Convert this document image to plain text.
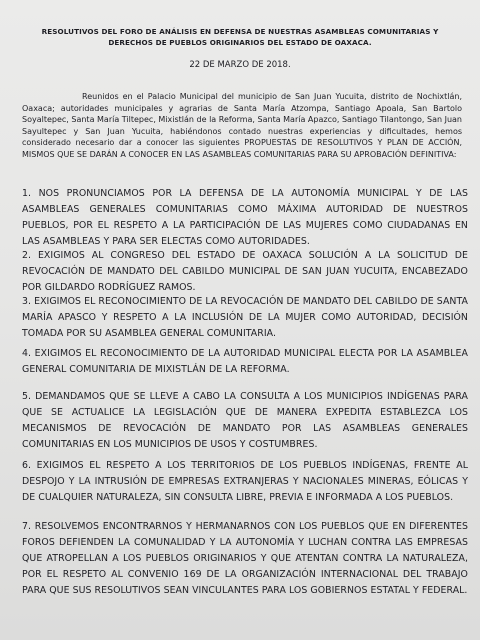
RESOLUTIVOS DEL FORO DE ANÁLISIS EN DEFENSA DE NUESTRAS ASAMBLEAS COMUNITARIAS Y DERECHOS DE PUEBLOS ORIGINARIOS DEL ESTADO DE OAXACA.
22 DE MARZO DE 2018.
Reunidos en el Palacio Municipal del municipio de San Juan Yucuita, distrito de Nochixtlán, Oaxaca; autoridades municipales y agrarias de Santa María Atzompa, Santiago Apoala, San Bartolo Soyaltepec, Santa María Tiltepec, Mixistlán de la Reforma, Santa María Apazco, Santiago Tilantongo, San Juan Sayultepec y San Juan Yucuita, habiéndonos contado nuestras experiencias y dificultades, hemos considerado necesario dar a conocer las siguientes PROPUESTAS DE RESOLUTIVOS Y PLAN DE ACCIÓN, MISMOS QUE SE DARÁN A CONOCER EN LAS ASAMBLEAS COMUNITARIAS PARA SU APROBACIÓN DEFINITIVA:
1. NOS PRONUNCIAMOS POR LA DEFENSA DE LA AUTONOMÍA MUNICIPAL Y DE LAS ASAMBLEAS GENERALES COMUNITARIAS COMO MÁXIMA AUTORIDAD DE NUESTROS PUEBLOS, POR EL RESPETO A LA PARTICIPACIÓN DE LAS MUJERES COMO CIUDADANAS EN LAS ASAMBLEAS Y PARA SER ELECTAS COMO AUTORIDADES.
2. EXIGIMOS AL CONGRESO DEL ESTADO DE OAXACA SOLUCIÓN A LA SOLICITUD DE REVOCACIÓN DE MANDATO DEL CABILDO MUNICIPAL DE SAN JUAN YUCUITA, ENCABEZADO POR GILDARDO RODRÍGUEZ RAMOS.
3. EXIGIMOS EL RECONOCIMIENTO DE LA REVOCACIÓN DE MANDATO DEL CABILDO DE SANTA MARÍA APASCO Y RESPETO A LA INCLUSIÓN DE LA MUJER COMO AUTORIDAD, DECISIÓN TOMADA POR SU ASAMBLEA GENERAL COMUNITARIA.
4. EXIGIMOS EL RECONOCIMIENTO DE LA AUTORIDAD MUNICIPAL ELECTA POR LA ASAMBLEA GENERAL COMUNITARIA DE MIXISTLÁN DE LA REFORMA.
5. DEMANDAMOS QUE SE LLEVE A CABO LA CONSULTA A LOS MUNICIPIOS INDÍGENAS PARA QUE SE ACTUALICE LA LEGISLACIÓN QUE DE MANERA EXPEDITA ESTABLEZCA LOS MECANISMOS DE REVOCACIÓN DE MANDATO POR LAS ASAMBLEAS GENERALES COMUNITARIAS EN LOS MUNICIPIOS DE USOS Y COSTUMBRES.
6. EXIGIMOS EL RESPETO A LOS TERRITORIOS DE LOS PUEBLOS INDÍGENAS, FRENTE AL DESPOJO Y LA INTRUSIÓN DE EMPRESAS EXTRANJERAS Y NACIONALES MINERAS, EÓLICAS Y DE CUALQUIER NATURALEZA, SIN CONSULTA LIBRE, PREVIA E INFORMADA A LOS PUEBLOS.
7. RESOLVEMOS ENCONTRARNOS Y HERMANARNOS CON LOS PUEBLOS QUE EN DIFERENTES FOROS DEFIENDEN LA COMUNALIDAD Y LA AUTONOMÍA Y LUCHAN CONTRA LAS EMPRESAS QUE ATROPELLAN A LOS PUEBLOS ORIGINARIOS Y QUE ATENTAN CONTRA LA NATURALEZA, POR EL RESPETO AL CONVENIO 169 DE LA ORGANIZACIÓN INTERNACIONAL DEL TRABAJO PARA QUE SUS RESOLUTIVOS SEAN VINCULANTES PARA LOS GOBIERNOS ESTATAL Y FEDERAL.
